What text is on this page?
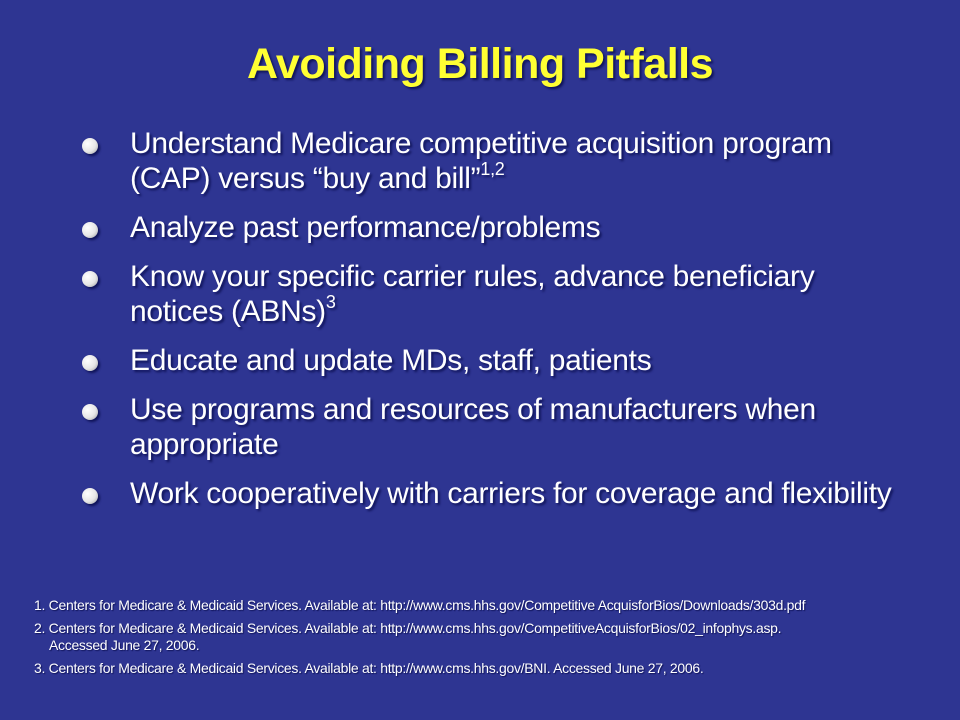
Avoiding Billing Pitfalls
Understand Medicare competitive acquisition program (CAP) versus “buy and bill”$^{1,2}$
Analyze past performance/problems
Know your specific carrier rules, advance beneficiary notices (ABNs)$^3$
Educate and update MDs, staff, patients
Use programs and resources of manufacturers when appropriate
Work cooperatively with carriers for coverage and flexibility
1. Centers for Medicare & Medicaid Services. Available at: http://www.cms.hhs.gov/Competitive AcquisforBios/Downloads/303d.pdf
2. Centers for Medicare & Medicaid Services. Available at: http://www.cms.hhs.gov/CompetitiveAcquisforBios/02_infophys.asp.
Accessed June 27, 2006.
3. Centers for Medicare & Medicaid Services. Available at: http://www.cms.hhs.gov/BNI. Accessed June 27, 2006.
